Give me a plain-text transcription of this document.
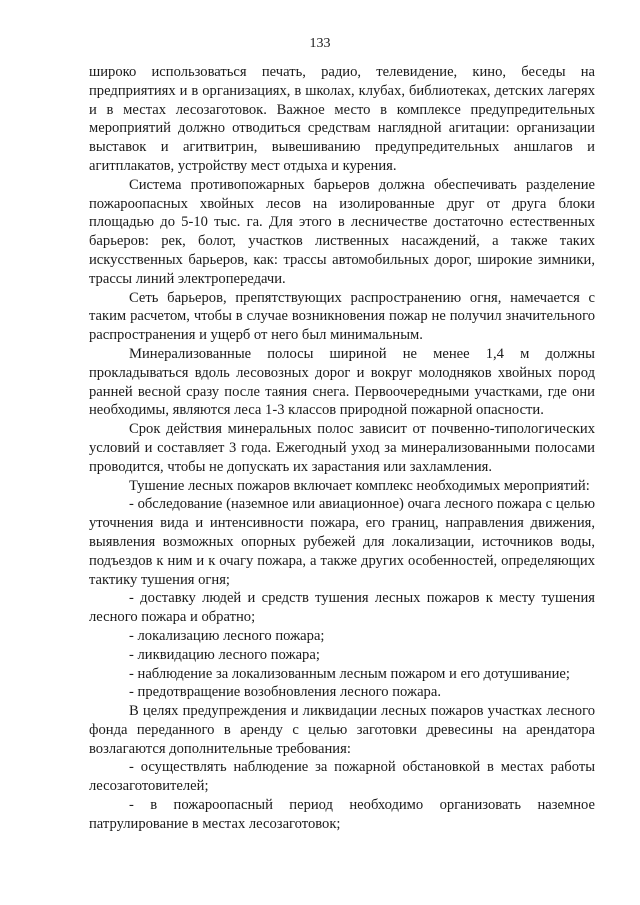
133

широко использоваться печать, радио, телевидение, кино, беседы на предприятиях и в организациях, в школах, клубах, библиотеках, детских лагерях и в местах лесозаготовок. Важное место в комплексе предупредительных мероприятий должно отводиться средствам наглядной агитации: организации выставок и агитвитрин, вывешиванию предупредительных аншлагов и агитплакатов, устройству мест отдыха и курения.

Система противопожарных барьеров должна обеспечивать разделение пожароопасных хвойных лесов на изолированные друг от друга блоки площадью до 5-10 тыс. га. Для этого в лесничестве достаточно естественных барьеров: рек, болот, участков лиственных насаждений, а также таких искусственных барьеров, как: трассы автомобильных дорог, широкие зимники, трассы линий электропередачи.

Сеть барьеров, препятствующих распространению огня, намечается с таким расчетом, чтобы в случае возникновения пожар не получил значительного распространения и ущерб от него был минимальным.

Минерализованные полосы шириной не менее 1,4 м должны прокладываться вдоль лесовозных дорог и вокруг молодняков хвойных пород ранней весной сразу после таяния снега. Первоочередными участками, где они необходимы, являются леса 1-3 классов природной пожарной опасности.

Срок действия минеральных полос зависит от почвенно-типологических условий и составляет 3 года. Ежегодный уход за минерализованными полосами проводится, чтобы не допускать их зарастания или захламления.

Тушение лесных пожаров включает комплекс необходимых мероприятий:

- обследование (наземное или авиационное) очага лесного пожара с целью уточнения вида и интенсивности пожара, его границ, направления движения, выявления возможных опорных рубежей для локализации, источников воды, подъездов к ним и к очагу пожара, а также других особенностей, определяющих тактику тушения огня;

- доставку людей и средств тушения лесных пожаров к месту тушения лесного пожара и обратно;

- локализацию лесного пожара;

- ликвидацию лесного пожара;

- наблюдение за локализованным лесным пожаром и его дотушивание;

- предотвращение возобновления лесного пожара.

В целях предупреждения и ликвидации лесных пожаров участках лесного фонда переданного в аренду с целью заготовки древесины на арендатора возлагаются дополнительные требования:

- осуществлять наблюдение за пожарной обстановкой в местах работы лесозаготовителей;

- в пожароопасный период необходимо организовать наземное патрулирование в местах лесозаготовок;
